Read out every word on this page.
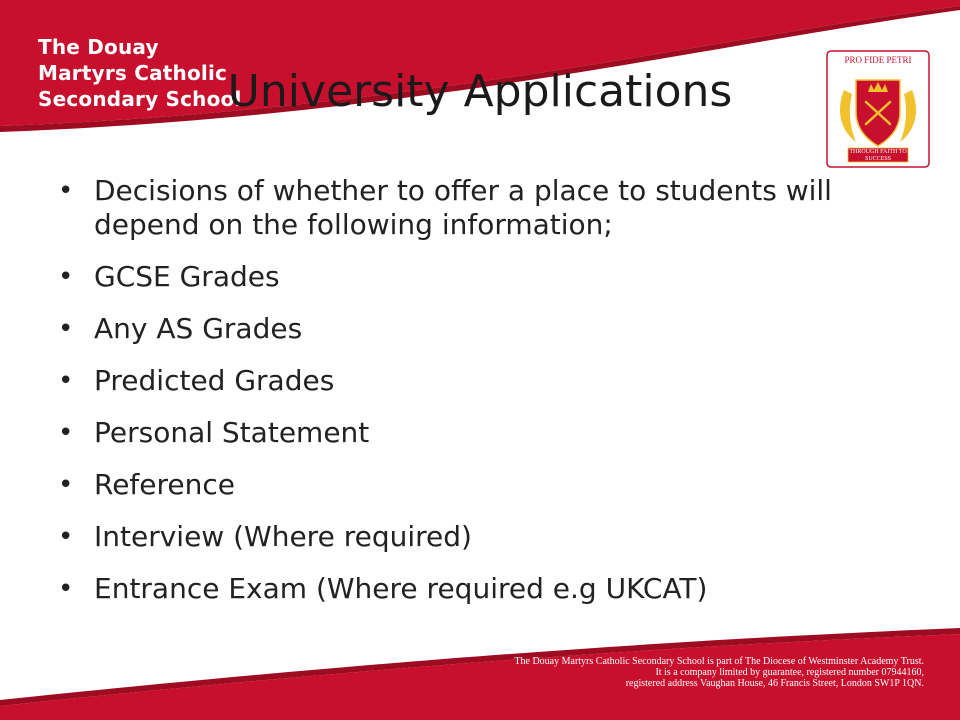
The Douay
Martyrs Catholic
Secondary School
University Applications
PRO FIDE PETRI
THROUGH FAITH TO SUCCESS
• Decisions of whether to offer a place to students will depend on the following information;
• GCSE Grades
• Any AS Grades
• Predicted Grades
• Personal Statement
• Reference
• Interview (Where required)
• Entrance Exam (Where required e.g UKCAT)
The Douay Martyrs Catholic Secondary School is part of The Diocese of Westminster Academy Trust.
It is a company limited by guarantee, registered number 07944160,
registered address Vaughan House, 46 Francis Street, London SW1P 1QN.
